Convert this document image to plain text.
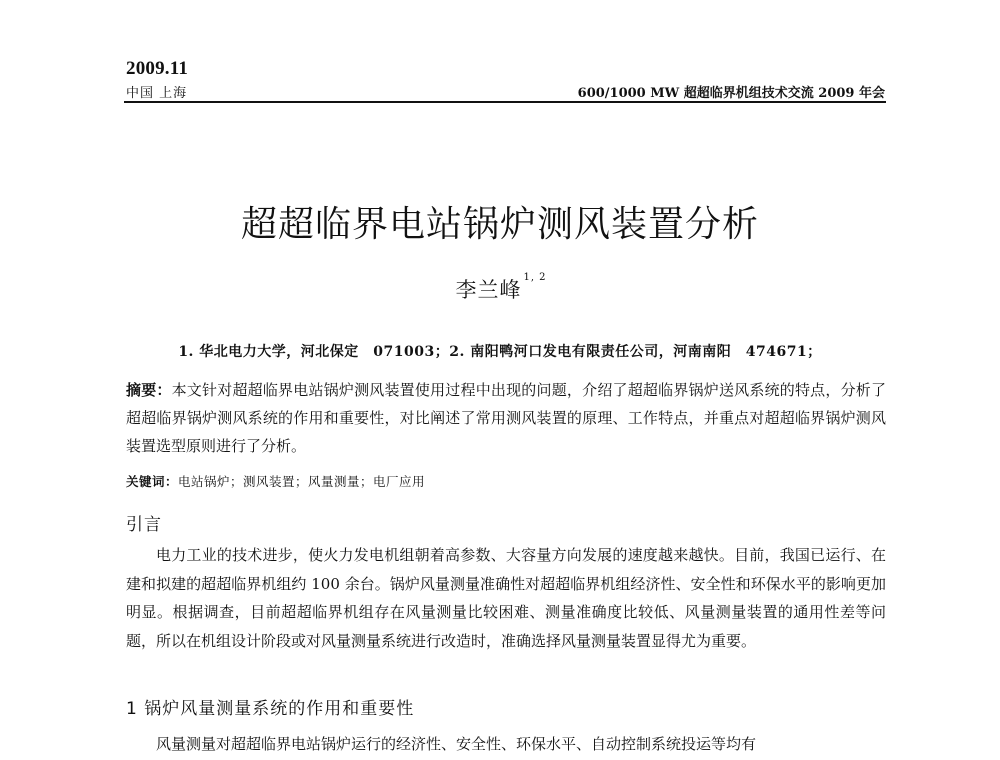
2009.11
中国 上海	600/1000 MW 超超临界机组技术交流 2009 年会
超超临界电站锅炉测风装置分析
李兰峰$^{1, 2}$
1. 华北电力大学，河北保定　071003；2. 南阳鸭河口发电有限责任公司，河南南阳　474671；

摘要：本文针对超超临界电站锅炉测风装置使用过程中出现的问题，介绍了超超临界锅炉送风系统的特点，分析了超超临界锅炉测风系统的作用和重要性，对比阐述了常用测风装置的原理、工作特点，并重点对超超临界锅炉测风装置选型原则进行了分析。

关键词：电站锅炉；测风装置；风量测量；电厂应用
引言

电力工业的技术进步，使火力发电机组朝着高参数、大容量方向发展的速度越来越快。目前，我国已运行、在建和拟建的超超临界机组约 100 余台。锅炉风量测量准确性对超超临界机组经济性、安全性和环保水平的影响更加明显。根据调查，目前超超临界机组存在风量测量比较困难、测量准确度比较低、风量测量装置的通用性差等问题，所以在机组设计阶段或对风量测量系统进行改造时，准确选择风量测量装置显得尤为重要。

1 锅炉风量测量系统的作用和重要性

风量测量对超超临界电站锅炉运行的经济性、安全性、环保水平、自动控制系统投运等均有
